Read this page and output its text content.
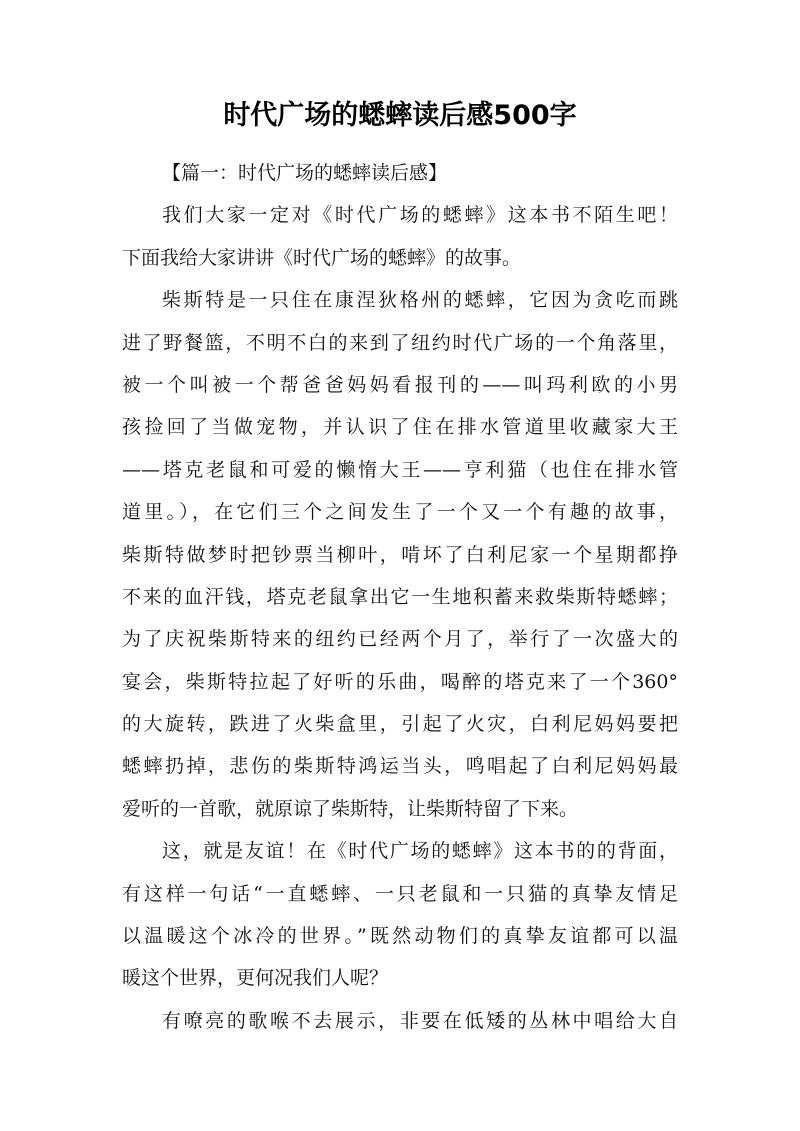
时代广场的蟋蟀读后感500字
【篇一：时代广场的蟋蟀读后感】
我们大家一定对《时代广场的蟋蟀》这本书不陌生吧！
下面我给大家讲讲《时代广场的蟋蟀》的故事。
柴斯特是一只住在康涅狄格州的蟋蟀，它因为贪吃而跳
进了野餐篮，不明不白的来到了纽约时代广场的一个角落里，
被一个叫被一个帮爸爸妈妈看报刊的——叫玛利欧的小男
孩捡回了当做宠物，并认识了住在排水管道里收藏家大王
——塔克老鼠和可爱的懒惰大王——亨利猫（也住在排水管
道里。），在它们三个之间发生了一个又一个有趣的故事，
柴斯特做梦时把钞票当柳叶，啃坏了白利尼家一个星期都挣
不来的血汗钱，塔克老鼠拿出它一生地积蓄来救柴斯特蟋蟀；
为了庆祝柴斯特来的纽约已经两个月了，举行了一次盛大的
宴会，柴斯特拉起了好听的乐曲，喝醉的塔克来了一个360°
的大旋转，跌进了火柴盒里，引起了火灾，白利尼妈妈要把
蟋蟀扔掉，悲伤的柴斯特鸿运当头，鸣唱起了白利尼妈妈最
爱听的一首歌，就原谅了柴斯特，让柴斯特留了下来。
这，就是友谊！在《时代广场的蟋蟀》这本书的的背面，
有这样一句话“一直蟋蟀、一只老鼠和一只猫的真挚友情足
以温暖这个冰冷的世界。”既然动物们的真挚友谊都可以温
暖这个世界，更何况我们人呢？
有嘹亮的歌喉不去展示，非要在低矮的丛林中唱给大自
